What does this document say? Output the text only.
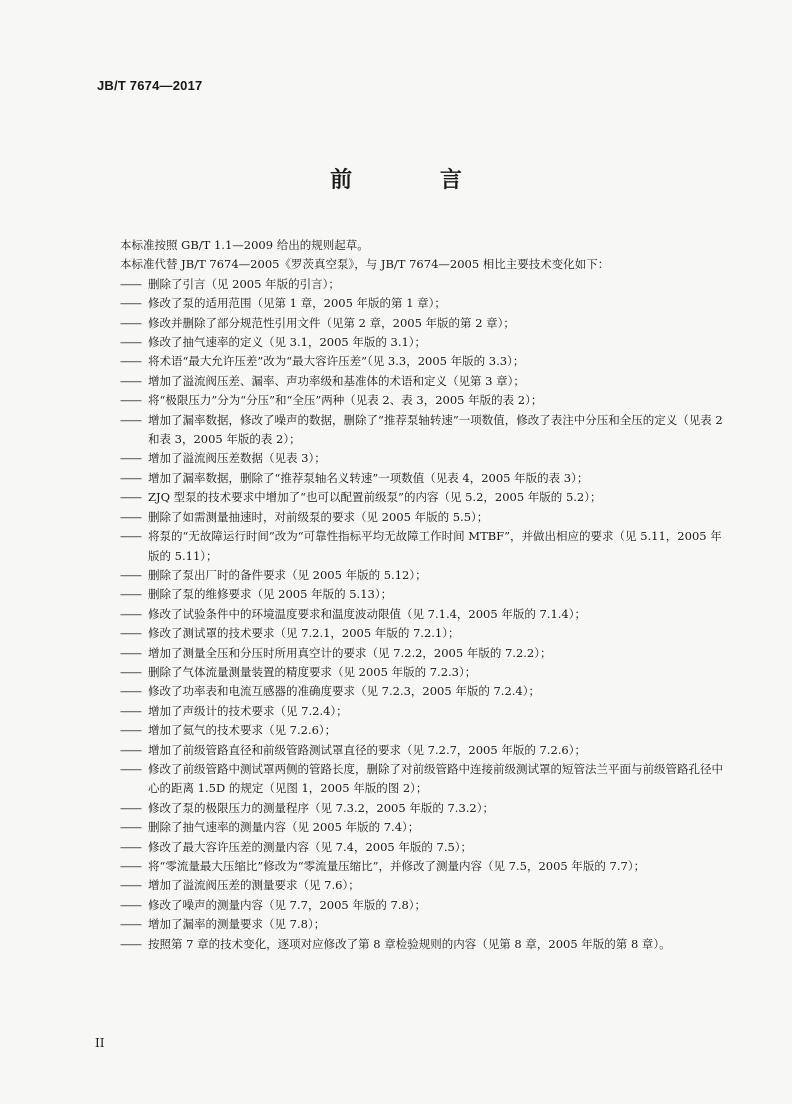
JB/T 7674—2017
前 言
本标准按照 GB/T 1.1—2009 给出的规则起草。
本标准代替 JB/T 7674—2005《罗茨真空泵》，与 JB/T 7674—2005 相比主要技术变化如下：
—— 删除了引言（见 2005 年版的引言）；
—— 修改了泵的适用范围（见第 1 章，2005 年版的第 1 章）；
—— 修改并删除了部分规范性引用文件（见第 2 章，2005 年版的第 2 章）；
—— 修改了抽气速率的定义（见 3.1，2005 年版的 3.1）；
—— 将术语“最大允许压差”改为“最大容许压差”（见 3.3，2005 年版的 3.3）；
—— 增加了溢流阀压差、漏率、声功率级和基准体的术语和定义（见第 3 章）；
—— 将“极限压力”分为“分压”和“全压”两种（见表 2、表 3，2005 年版的表 2）；
—— 增加了漏率数据，修改了噪声的数据，删除了“推荐泵轴转速”一项数值，修改了表注中分压和全压的定义（见表 2 和表 3，2005 年版的表 2）；
—— 增加了溢流阀压差数据（见表 3）；
—— 增加了漏率数据，删除了“推荐泵轴名义转速”一项数值（见表 4，2005 年版的表 3）；
—— ZJQ 型泵的技术要求中增加了“也可以配置前级泵”的内容（见 5.2，2005 年版的 5.2）；
—— 删除了如需测量抽速时，对前级泵的要求（见 2005 年版的 5.5）；
—— 将泵的“无故障运行时间”改为“可靠性指标平均无故障工作时间 MTBF”，并做出相应的要求（见 5.11，2005 年版的 5.11）；
—— 删除了泵出厂时的备件要求（见 2005 年版的 5.12）；
—— 删除了泵的维修要求（见 2005 年版的 5.13）；
—— 修改了试验条件中的环境温度要求和温度波动限值（见 7.1.4，2005 年版的 7.1.4）；
—— 修改了测试罩的技术要求（见 7.2.1，2005 年版的 7.2.1）；
—— 增加了测量全压和分压时所用真空计的要求（见 7.2.2，2005 年版的 7.2.2）；
—— 删除了气体流量测量装置的精度要求（见 2005 年版的 7.2.3）；
—— 修改了功率表和电流互感器的准确度要求（见 7.2.3，2005 年版的 7.2.4）；
—— 增加了声级计的技术要求（见 7.2.4）；
—— 增加了氦气的技术要求（见 7.2.6）；
—— 增加了前级管路直径和前级管路测试罩直径的要求（见 7.2.7，2005 年版的 7.2.6）；
—— 修改了前级管路中测试罩两侧的管路长度，删除了对前级管路中连接前级测试罩的短管法兰平面与前级管路孔径中心的距离 1.5D 的规定（见图 1，2005 年版的图 2）；
—— 修改了泵的极限压力的测量程序（见 7.3.2，2005 年版的 7.3.2）；
—— 删除了抽气速率的测量内容（见 2005 年版的 7.4）；
—— 修改了最大容许压差的测量内容（见 7.4，2005 年版的 7.5）；
—— 将“零流量最大压缩比”修改为“零流量压缩比”，并修改了测量内容（见 7.5，2005 年版的 7.7）；
—— 增加了溢流阀压差的测量要求（见 7.6）；
—— 修改了噪声的测量内容（见 7.7，2005 年版的 7.8）；
—— 增加了漏率的测量要求（见 7.8）；
—— 按照第 7 章的技术变化，逐项对应修改了第 8 章检验规则的内容（见第 8 章，2005 年版的第 8 章）。
II
